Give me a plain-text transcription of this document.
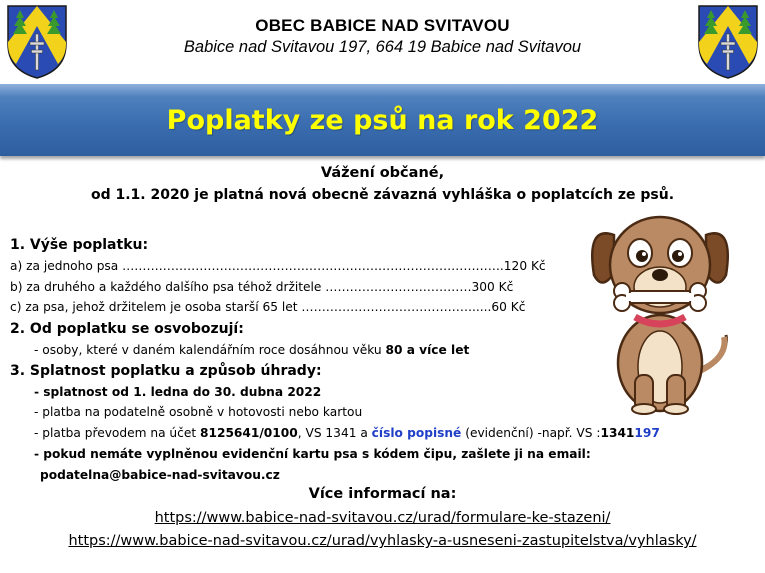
OBEC BABICE NAD SVITAVOU
Babice nad Svitavou 197, 664 19 Babice nad Svitavou
Poplatky ze psů na rok 2022
Vážení občané,
od 1.1. 2020 je platná nová obecně závazná vyhláška o poplatcích ze psů.
1. Výše poplatku:
a) za jednoho psa ………………………………………………………………………………….120 Kč
b) za druhého a každého dalšího psa téhož držitele ………………………………300 Kč
c) za psa, jehož držitelem je osoba starší 65 let …………………………………….....60 Kč
2. Od poplatku se osvobozují:
- osoby, které v daném kalendářním roce dosáhnou věku 80 a více let
3. Splatnost poplatku a způsob úhrady:
- splatnost od 1. ledna do 30. dubna 2022
- platba na podatelně osobně v hotovosti nebo kartou
- platba převodem na účet 8125641/0100, VS 1341 a číslo popisné (evidenční) -např. VS :1341197
- pokud nemáte vyplněnou evidenční kartu psa s kódem čipu, zašlete ji na email:
podatelna@babice-nad-svitavou.cz
Více informací na:
https://www.babice-nad-svitavou.cz/urad/formulare-ke-stazeni/
https://www.babice-nad-svitavou.cz/urad/vyhlasky-a-usneseni-zastupitelstva/vyhlasky/
